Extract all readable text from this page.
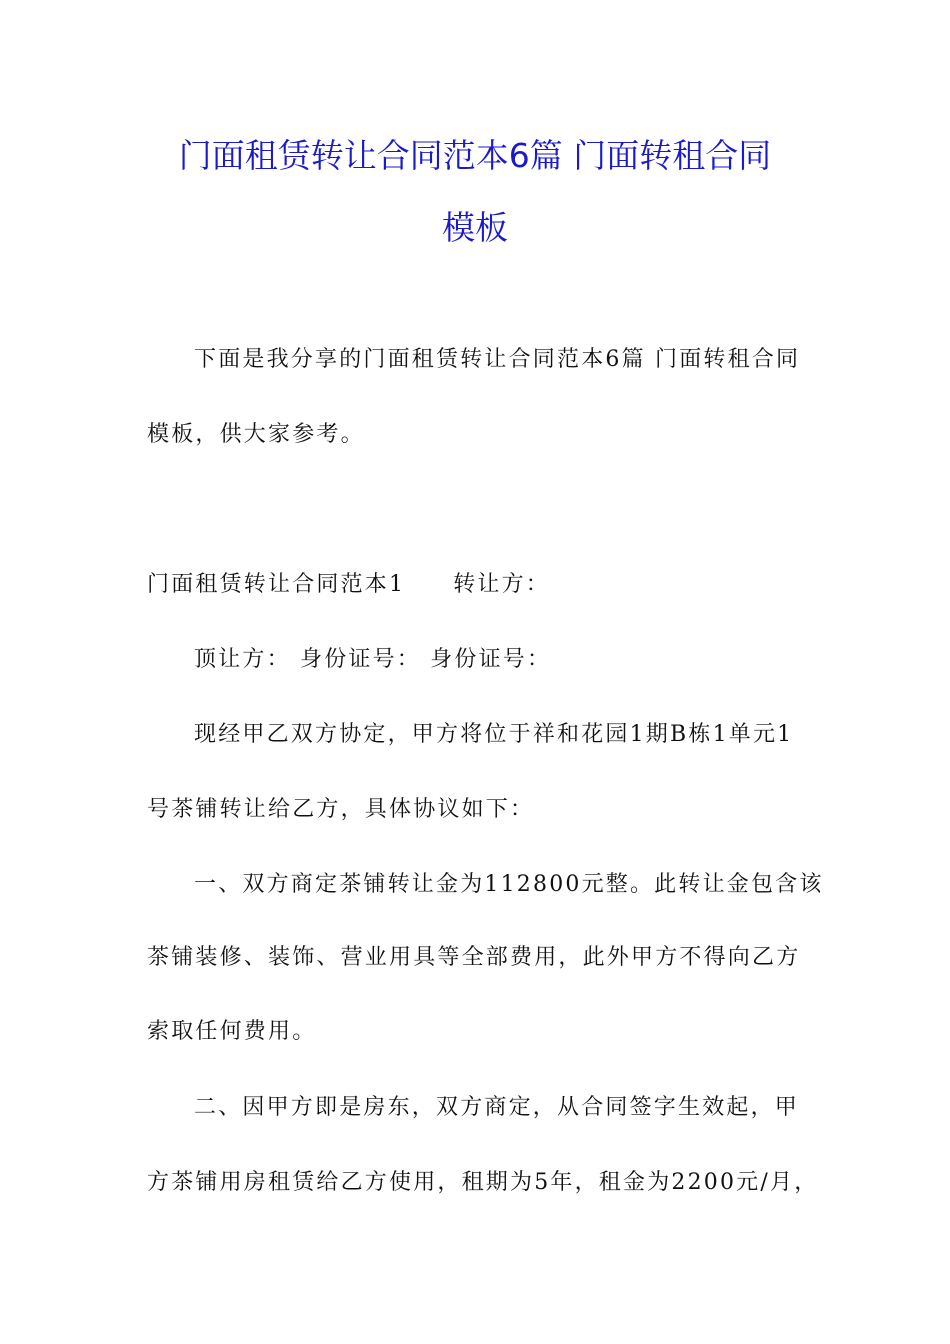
门面租赁转让合同范本6篇 门面转租合同
模板
下面是我分享的门面租赁转让合同范本6篇 门面转租合同
模板，供大家参考。
门面租赁转让合同范本1 转让方：
顶让方： 身份证号： 身份证号：
现经甲乙双方协定，甲方将位于祥和花园1期B栋1单元1
号茶铺转让给乙方，具体协议如下：
一、双方商定茶铺转让金为112800元整。此转让金包含该
茶铺装修、装饰、营业用具等全部费用，此外甲方不得向乙方
索取任何费用。
二、因甲方即是房东，双方商定，从合同签字生效起，甲
方茶铺用房租赁给乙方使用，租期为5年，租金为2200元/月，
